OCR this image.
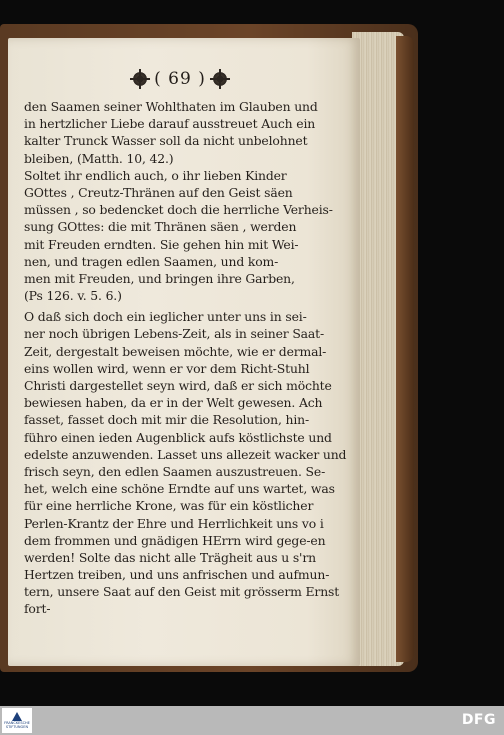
( 69 )
den Saamen seiner Wohlthaten im Glauben und
in hertzlicher Liebe darauf ausstreuet Auch ein
kalter Trunck Wasser soll da nicht unbelohnet
bleiben, (Matth. 10, 42.)
Soltet ihr endlich auch, o ihr lieben Kinder
GOttes , Creutz-Thränen auf den Geist säen
müssen , so bedencket doch die herrliche Verheis-
sung GOttes: die mit Thränen säen , werden
mit Freuden erndten. Sie gehen hin mit Wei-
nen, und tragen edlen Saamen, und kom-
men mit Freuden, und bringen ihre Garben,
(Ps 126. v. 5. 6.)
O daß sich doch ein ieglicher unter uns in sei-
ner noch übrigen Lebens-Zeit, als in seiner Saat-
Zeit, dergestalt beweisen möchte, wie er dermal-
eins wollen wird, wenn er vor dem Richt-Stuhl
Christi dargestellet seyn wird, daß er sich möchte
bewiesen haben, da er in der Welt gewesen. Ach
fasset, fasset doch mit mir die Resolution, hin-
führo einen ieden Augenblick aufs köstlichste und
edelste anzuwenden. Lasset uns allezeit wacker und
frisch seyn, den edlen Saamen auszustreuen. Se-
het, welch eine schöne Erndte auf uns wartet, was
für eine herrliche Krone, was für ein köstlicher
Perlen-Krantz der Ehre und Herrlichkeit uns vo i
dem frommen und gnädigen HErrn wird gege-en
werden! Solte das nicht alle Trägheit aus u s'rn
Hertzen treiben, und uns anfrischen und aufmun-
tern, unsere Saat auf den Geist mit grösserm Ernst
fort-
FRANCKESCHE STIFTUNGEN	DFG
